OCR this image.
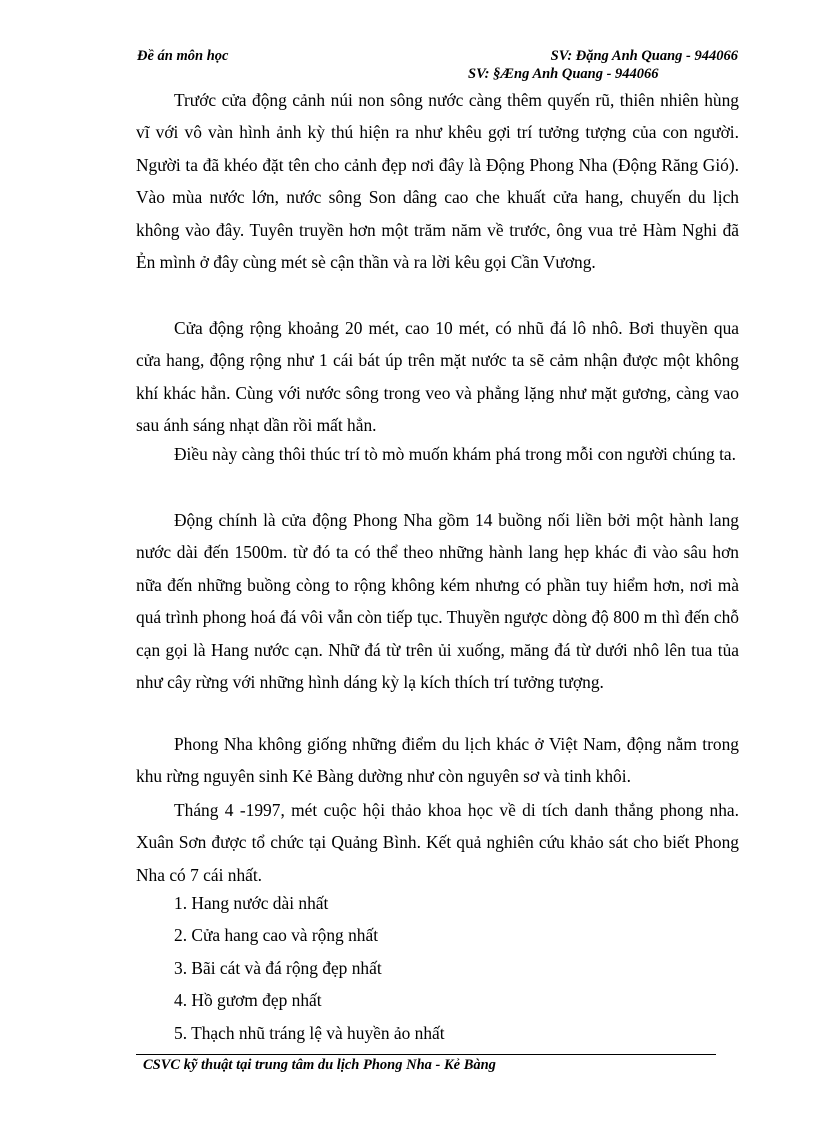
Đề án môn học	SV: Đặng Anh Quang - 944066
SV: §Æng Anh Quang - 944066

Trước cửa động cảnh núi non sông nước càng thêm quyến rũ, thiên nhiên hùng vĩ với vô vàn hình ảnh kỳ thú hiện ra như khêu gợi trí tưởng tượng của con người. Người ta đã khéo đặt tên cho cảnh đẹp nơi đây là Động Phong Nha (Động Răng Gió). Vào mùa nước lớn, nước sông Son dâng cao che khuất cửa hang, chuyến du lịch không vào đây. Tuyên truyền hơn một trăm năm về trước, ông vua trẻ Hàm Nghi đã Ẻn mình ở đây cùng mét sè cận thần và ra lời kêu gọi Cần Vương.

Cửa động rộng khoảng 20 mét, cao 10 mét, có nhũ đá lô nhô. Bơi thuyền qua cửa hang, động rộng như 1 cái bát úp trên mặt nước ta sẽ cảm nhận được một không khí khác hẳn. Cùng với nước sông trong veo và phẳng lặng như mặt gương, càng vao sau ánh sáng nhạt dần rồi mất hẳn.

Điều này càng thôi thúc trí tò mò muốn khám phá trong mỗi con người chúng ta.

Động chính là cửa động Phong Nha gồm 14 buồng nối liền bởi một hành lang nước dài đến 1500m. từ đó ta có thể theo những hành lang hẹp khác đi vào sâu hơn nữa đến những buồng còng to rộng không kém nhưng có phần tuy hiểm hơn, nơi mà quá trình phong hoá đá vôi vẫn còn tiếp tục. Thuyền ngược dòng độ 800 m thì đến chỗ cạn gọi là Hang nước cạn. Nhữ đá từ trên ủi xuống, măng đá từ dưới nhô lên tua tủa như cây rừng với những hình dáng kỳ lạ kích thích trí tưởng tượng.

Phong Nha không giống những điểm du lịch khác ở Việt Nam, động nằm trong khu rừng nguyên sinh Kẻ Bàng dường như còn nguyên sơ và tinh khôi.

Tháng 4 -1997, mét cuộc hội thảo khoa học về di tích danh thắng phong nha. Xuân Sơn được tổ chức tại Quảng Bình. Kết quả nghiên cứu khảo sát cho biết Phong Nha có 7 cái nhất.

1. Hang nước dài nhất
2. Cửa hang cao và rộng nhất
3. Bãi cát và đá rộng đẹp nhất
4. Hồ gươm đẹp nhất
5. Thạch nhũ tráng lệ và huyền ảo nhất
CSVC kỹ thuật tại trung tâm du lịch Phong Nha - Kẻ Bàng
